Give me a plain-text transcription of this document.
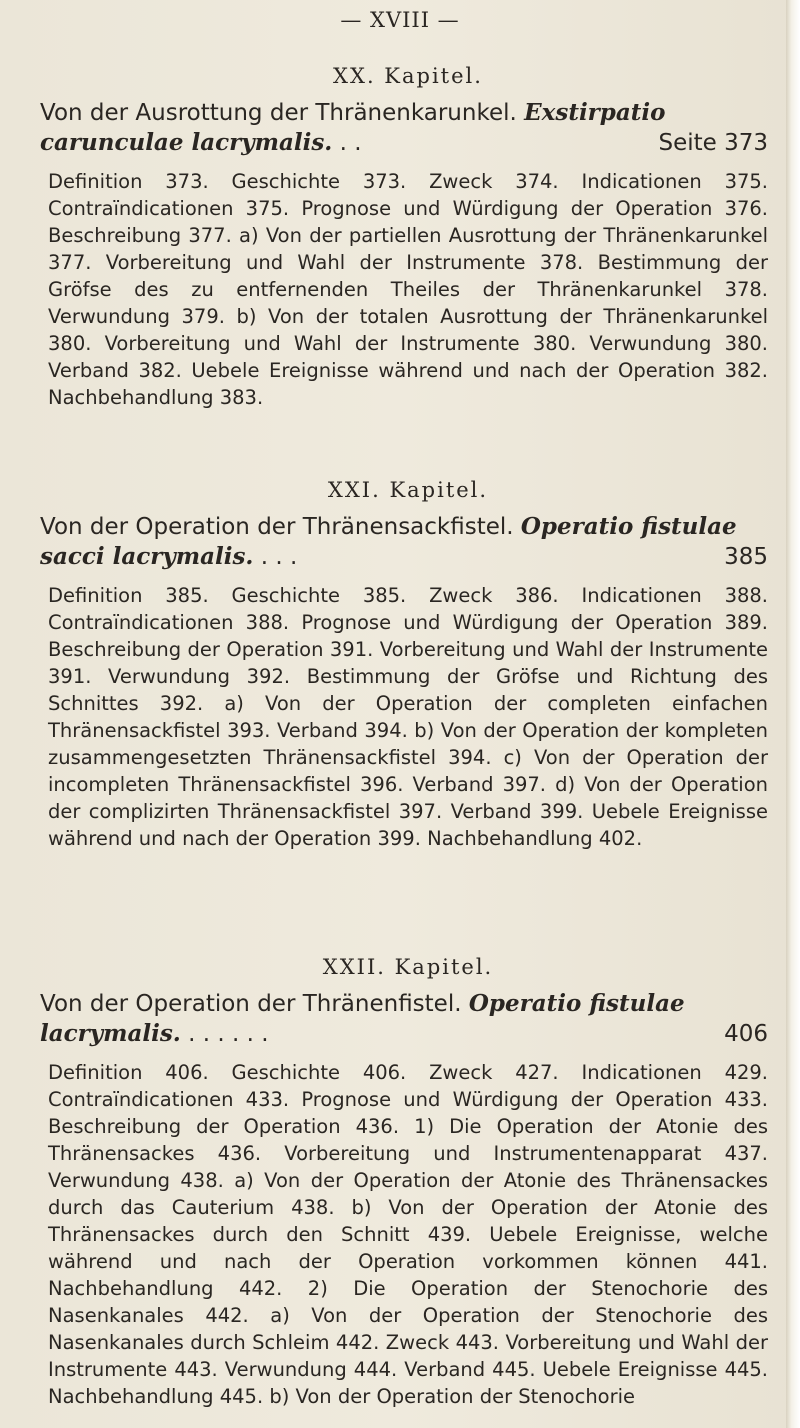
— XVIII —
XX. Kapitel.
Von der Ausrottung der Thränenkarunkel. Exstirpatio carunculae lacrymalis. . .	Seite 373
Definition 373. Geschichte 373. Zweck 374. Indicationen 375. Contraïndicationen 375. Prognose und Würdigung der Operation 376. Beschreibung 377. a) Von der partiellen Ausrottung der Thränenkarunkel 377. Vorbereitung und Wahl der Instrumente 378. Bestimmung der Gröfse des zu entfernenden Theiles der Thränenkarunkel 378. Verwundung 379. b) Von der totalen Ausrottung der Thränenkarunkel 380. Vorbereitung und Wahl der Instrumente 380. Verwundung 380. Verband 382. Uebele Ereignisse während und nach der Operation 382. Nachbehandlung 383.
XXI. Kapitel.
Von der Operation der Thränensackfistel. Operatio fistulae sacci lacrymalis. . . .	385
Definition 385. Geschichte 385. Zweck 386. Indicationen 388. Contraïndicationen 388. Prognose und Würdigung der Operation 389. Beschreibung der Operation 391. Vorbereitung und Wahl der Instrumente 391. Verwundung 392. Bestimmung der Gröfse und Richtung des Schnittes 392. a) Von der Operation der completen einfachen Thränensackfistel 393. Verband 394. b) Von der Operation der kompleten zusammengesetzten Thränensackfistel 394. c) Von der Operation der incompleten Thränensackfistel 396. Verband 397. d) Von der Operation der complizirten Thränensackfistel 397. Verband 399. Uebele Ereignisse während und nach der Operation 399. Nachbehandlung 402.
XXII. Kapitel.
Von der Operation der Thränenfistel. Operatio fistulae lacrymalis. . . . . . .	406
Definition 406. Geschichte 406. Zweck 427. Indicationen 429. Contraïndicationen 433. Prognose und Würdigung der Operation 433. Beschreibung der Operation 436. 1) Die Operation der Atonie des Thränensackes 436. Vorbereitung und Instrumentenapparat 437. Verwundung 438. a) Von der Operation der Atonie des Thränensackes durch das Cauterium 438. b) Von der Operation der Atonie des Thränensackes durch den Schnitt 439. Uebele Ereignisse, welche während und nach der Operation vorkommen können 441. Nachbehandlung 442. 2) Die Operation der Stenochorie des Nasenkanales 442. a) Von der Operation der Stenochorie des Nasenkanales durch Schleim 442. Zweck 443. Vorbereitung und Wahl der Instrumente 443. Verwundung 444. Verband 445. Uebele Ereignisse 445. Nachbehandlung 445. b) Von der Operation der Stenochorie
